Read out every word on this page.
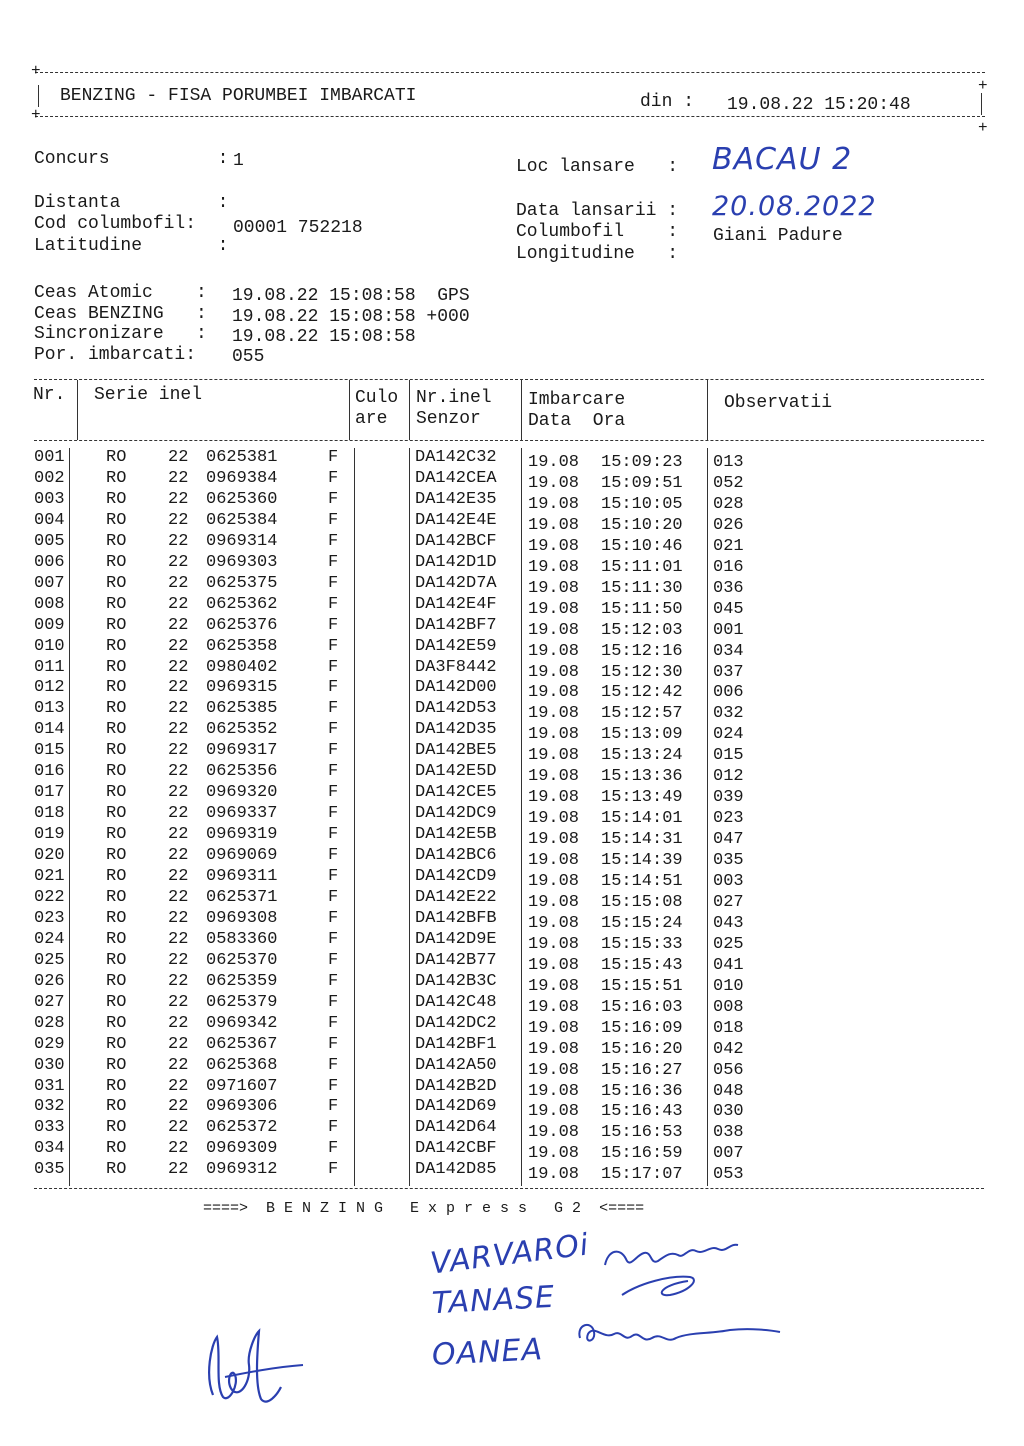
+
+
BENZING - FISA PORUMBEI IMBARCATI	din : 19.08.22 15:20:48
+
+
Concurs          : 1
Distanta         :
Cod columbofil: 00001 752218
Latitudine       :
Loc lansare   : BACAU 2
Data lansarii : 20.08.2022
Columbofil    : Giani Padure
Longitudine   :
Ceas Atomic    : 19.08.22 15:08:58  GPS
Ceas BENZING   : 19.08.22 15:08:58 +000
Sincronizare   : 19.08.22 15:08:58
Por. imbarcati: 055
Nr. Serie inel	Culo
are
Nr.inel
Senzor
Imbarcare
Data  Ora
Observatii
001 RO 22 0625381	F	DA142C32 19.08 15:09:23 013
002 RO 22 0969384	F	DA142CEA 19.08 15:09:51 052
003 RO 22 0625360	F	DA142E35 19.08 15:10:05 028
004 RO 22 0625384	F	DA142E4E 19.08 15:10:20 026
005 RO 22 0969314	F	DA142BCF 19.08 15:10:46 021
006 RO 22 0969303	F	DA142D1D 19.08 15:11:01 016
007 RO 22 0625375	F	DA142D7A 19.08 15:11:30 036
008 RO 22 0625362	F	DA142E4F 19.08 15:11:50 045
009 RO 22 0625376	F	DA142BF7 19.08 15:12:03 001
010 RO 22 0625358	F	DA142E59 19.08 15:12:16 034
011 RO 22 0980402	F	DA3F8442 19.08 15:12:30 037
012 RO 22 0969315	F	DA142D00 19.08 15:12:42 006
013 RO 22 0625385	F	DA142D53 19.08 15:12:57 032
014 RO 22 0625352	F	DA142D35 19.08 15:13:09 024
015 RO 22 0969317	F	DA142BE5 19.08 15:13:24 015
016 RO 22 0625356	F	DA142E5D 19.08 15:13:36 012
017 RO 22 0969320	F	DA142CE5 19.08 15:13:49 039
018 RO 22 0969337	F	DA142DC9 19.08 15:14:01 023
019 RO 22 0969319	F	DA142E5B 19.08 15:14:31 047
020 RO 22 0969069	F	DA142BC6 19.08 15:14:39 035
021 RO 22 0969311	F	DA142CD9 19.08 15:14:51 003
022 RO 22 0625371	F	DA142E22 19.08 15:15:08 027
023 RO 22 0969308	F	DA142BFB 19.08 15:15:24 043
024 RO 22 0583360	F	DA142D9E 19.08 15:15:33 025
025 RO 22 0625370	F	DA142B77 19.08 15:15:43 041
026 RO 22 0625359	F	DA142B3C 19.08 15:15:51 010
027 RO 22 0625379	F	DA142C48 19.08 15:16:03 008
028 RO 22 0969342	F	DA142DC2 19.08 15:16:09 018
029 RO 22 0625367	F	DA142BF1 19.08 15:16:20 042
030 RO 22 0625368	F	DA142A50 19.08 15:16:27 056
031 RO 22 0971607	F	DA142B2D 19.08 15:16:36 048
032 RO 22 0969306	F	DA142D69 19.08 15:16:43 030
033 RO 22 0625372	F	DA142D64 19.08 15:16:53 038
034 RO 22 0969309	F	DA142CBF 19.08 15:16:59 007
035 RO 22 0969312	F	DA142D85 19.08 15:17:07 053
====>  B E N Z I N G   E x p r e s s   G 2  <====
VARVAROi
TANASE
OANEA
